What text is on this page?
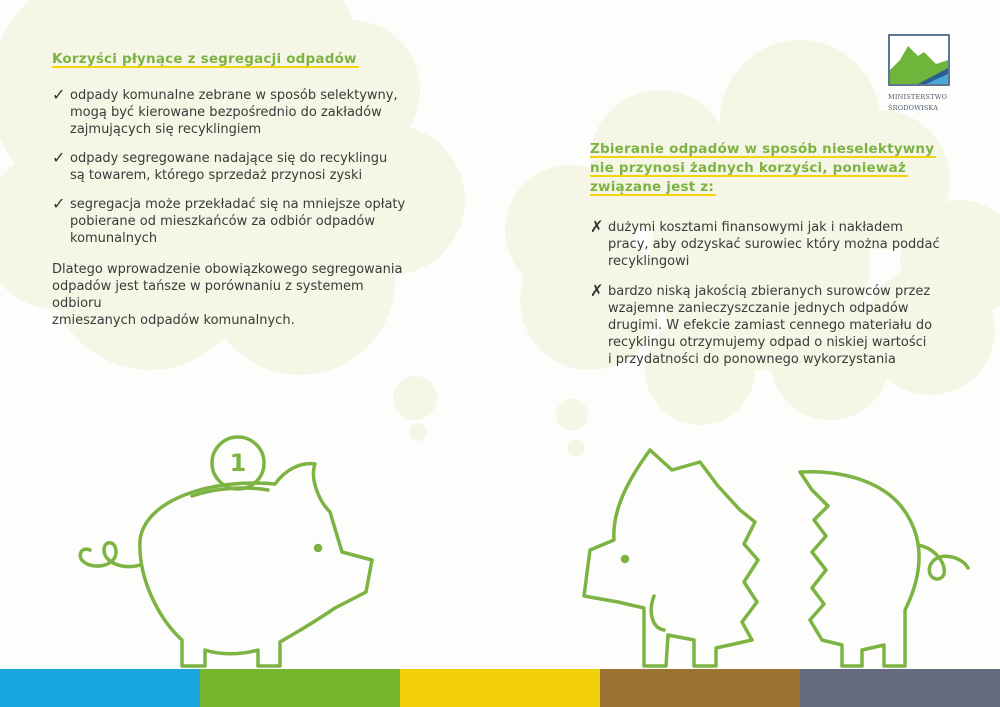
Korzyści płynące z segregacji odpadów
✓ odpady komunalne zebrane w sposób selektywny,
mogą być kierowane bezpośrednio do zakładów
zajmujących się recyklingiem
✓ odpady segregowane nadające się do recyklingu
są towarem, którego sprzedaż przynosi zyski
✓ segregacja może przekładać się na mniejsze opłaty
pobierane od mieszkańców za odbiór odpadów
komunalnych

Dlatego wprowadzenie obowiązkowego segregowania
odpadów jest tańsze w porównaniu z systemem odbioru
zmieszanych odpadów komunalnych.

Zbieranie odpadów w sposób nieselektywny
nie przynosi żadnych korzyści, ponieważ
związane jest z:
✗ dużymi kosztami finansowymi jak i nakładem
pracy, aby odzyskać surowiec który można poddać
recyklingowi
✗ bardzo niską jakością zbieranych surowców przez
wzajemne zanieczyszczanie jednych odpadów
drugimi. W efekcie zamiast cennego materiału do
recyklingu otrzymujemy odpad o niskiej wartości
i przydatności do ponownego wykorzystania
1
MINISTERSTWO
ŚRODOWISKA
